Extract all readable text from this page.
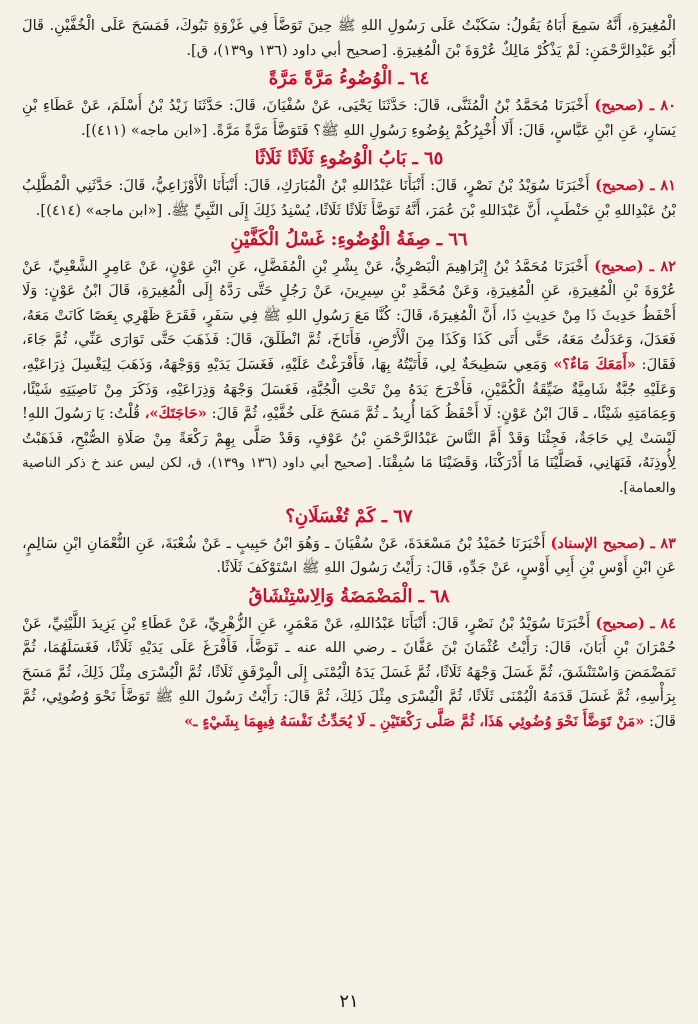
الْمُغِيرَةِ، أَنَّهُ سَمِعَ أَبَاهُ يَقُولُ: سَكَبْتُ عَلَى رَسُولِ اللهِ ﷺ حِينَ تَوَضَّأَ فِي غَزْوَةِ تَبُوكَ، فَمَسَحَ عَلَى الْخُفَّيْنِ. قَالَ أَبُو عَبْدِالرَّحْمَنِ: لَمْ يَذْكُرْ مَالِكٌ عُرْوَةَ بْنَ الْمُغِيرَةِ. [صحيح أبي داود (١٣٦ و١٣٩)، ق].

٦٤ ـ الْوُضُوءُ مَرَّةً مَرَّةً

٨٠ ـ (صحيح) أَخْبَرَنَا مُحَمَّدُ بْنُ الْمُثَنَّى، قَالَ: حَدَّثَنَا يَحْيَى، عَنْ سُفْيَانَ، قَالَ: حَدَّثَنَا زَيْدُ بْنُ أَسْلَمَ، عَنْ عَطَاءِ بْنِ يَسَارٍ، عَنِ ابْنِ عَبَّاسٍ، قَالَ: أَلَا أُخْبِرُكُمْ بِوُضُوءِ رَسُولِ اللهِ ﷺ؟ فَتَوَضَّأَ مَرَّةً مَرَّةً. [«ابن ماجه» (٤١١)].

٦٥ ـ بَابُ الْوُضُوءِ ثَلَاثًا ثَلَاثًا

٨١ ـ (صحيح) أَخْبَرَنَا سُوَيْدُ بْنُ نَصْرٍ، قَالَ: أَنْبَأَنَا عَبْدُاللهِ بْنُ الْمُبَارَكِ، قَالَ: أَنْبَأَنَا الْأَوْزَاعِيُّ، قَالَ: حَدَّثَنِي الْمُطَّلِبُ بْنُ عَبْدِاللهِ بْنِ حَنْطَبٍ، أَنَّ عَبْدَاللهِ بْنَ عُمَرَ، أَنَّهُ تَوَضَّأَ ثَلَاثًا ثَلَاثًا، يُسْنِدُ ذَلِكَ إِلَى النَّبِيِّ ﷺ. [«ابن ماجه» (٤١٤)].

٦٦ ـ صِفَةُ الْوُضُوءِ: غَسْلُ الْكَفَّيْنِ

٨٢ ـ (صحيح) أَخْبَرَنَا مُحَمَّدُ بْنُ إِبْرَاهِيمَ الْبَصْرِيُّ، عَنْ بِشْرِ بْنِ الْمُفَضَّلِ، عَنِ ابْنِ عَوْنٍ، عَنْ عَامِرٍ الشَّعْبِيِّ، عَنْ عُرْوَةَ بْنِ الْمُغِيرَةِ، عَنِ الْمُغِيرَةِ، وَعَنْ مُحَمَّدِ بْنِ سِيرِينَ، عَنْ رَجُلٍ حَتَّى رَدَّهُ إِلَى الْمُغِيرَةِ، قَالَ ابْنُ عَوْنٍ: وَلَا أَحْفَظُ حَدِيثَ ذَا مِنْ حَدِيثِ ذَا، أَنَّ الْمُغِيرَةَ، قَالَ: كُنَّا مَعَ رَسُولِ اللهِ ﷺ فِي سَفَرٍ، فَقَرَعَ ظَهْرِي بِعَصًا كَانَتْ مَعَهُ، فَعَدَلَ، وَعَدَلْتُ مَعَهُ، حَتَّى أَتَى كَذَا وَكَذَا مِنَ الْأَرْضِ، فَأَنَاخَ، ثُمَّ انْطَلَقَ، قَالَ: فَذَهَبَ حَتَّى تَوَارَى عَنِّي، ثُمَّ جَاءَ، فَقَالَ: «أَمَعَكَ مَاءٌ؟» وَمَعِي سَطِيحَةٌ لِي، فَأَتَيْتُهُ بِهَا، فَأَفْرَغْتُ عَلَيْهِ، فَغَسَلَ يَدَيْهِ وَوَجْهَهُ، وَذَهَبَ لِيَغْسِلَ ذِرَاعَيْهِ، وَعَلَيْهِ جُبَّةٌ شَامِيَّةٌ ضَيِّقَةُ الْكُمَّيْنِ، فَأَخْرَجَ يَدَهُ مِنْ تَحْتِ الْجُبَّةِ، فَغَسَلَ وَجْهَهُ وَذِرَاعَيْهِ، وَذَكَرَ مِنْ نَاصِيَتِهِ شَيْئًا، وَعِمَامَتِهِ شَيْئًا، ـ قَالَ ابْنُ عَوْنٍ: لَا أَحْفَظُ كَمَا أُرِيدُ ـ ثُمَّ مَسَحَ عَلَى خُفَّيْهِ، ثُمَّ قَالَ: «حَاجَتَكَ»، قُلْتُ: يَا رَسُولَ اللهِ! لَيْسَتْ لِي حَاجَةٌ، فَجِئْنَا وَقَدْ أَمَّ النَّاسَ عَبْدُالرَّحْمَنِ بْنُ عَوْفٍ، وَقَدْ صَلَّى بِهِمْ رَكْعَةً مِنْ صَلَاةِ الصُّبْحِ، فَذَهَبْتُ لِأُوذِنَهُ، فَنَهَانِي، فَصَلَّيْنَا مَا أَدْرَكْنَا، وَقَضَيْنَا مَا سُبِقْنَا. [صحيح أبي داود (١٣٦ و١٣٩)، ق، لكن ليس عند خ ذكر الناصية والعمامة].

٦٧ ـ كَمْ تُغْسَلَانِ؟

٨٣ ـ (صحيح الإسناد) أَخْبَرَنَا حُمَيْدُ بْنُ مَسْعَدَةَ، عَنْ سُفْيَانَ ـ وَهُوَ ابْنُ حَبِيبٍ ـ عَنْ شُعْبَةَ، عَنِ النُّعْمَانِ ابْنِ سَالِمٍ، عَنِ ابْنِ أَوْسِ بْنِ أَبِي أَوْسٍ، عَنْ جَدِّهِ، قَالَ: رَأَيْتُ رَسُولَ اللهِ ﷺ اسْتَوْكَفَ ثَلَاثًا.

٦٨ ـ الْمَضْمَضَةُ وَالِاسْتِنْشَاقُ

٨٤ ـ (صحيح) أَخْبَرَنَا سُوَيْدُ بْنُ نَصْرٍ، قَالَ: أَنْبَأَنَا عَبْدُاللهِ، عَنْ مَعْمَرٍ، عَنِ الزُّهْرِيِّ، عَنْ عَطَاءِ بْنِ يَزِيدَ اللَّيْثِيِّ، عَنْ حُمْرَانَ بْنِ أَبَانَ، قَالَ: رَأَيْتُ عُثْمَانَ بْنَ عَفَّانَ ـ رضي الله عنه ـ تَوَضَّأَ، فَأَفْرَغَ عَلَى يَدَيْهِ ثَلَاثًا، فَغَسَلَهُمَا، ثُمَّ تَمَضْمَضَ وَاسْتَنْشَقَ، ثُمَّ غَسَلَ وَجْهَهُ ثَلَاثًا، ثُمَّ غَسَلَ يَدَهُ الْيُمْنَى إِلَى الْمِرْفَقِ ثَلَاثًا، ثُمَّ الْيُسْرَى مِثْلَ ذَلِكَ، ثُمَّ مَسَحَ بِرَأْسِهِ، ثُمَّ غَسَلَ قَدَمَهُ الْيُمْنَى ثَلَاثًا، ثُمَّ الْيُسْرَى مِثْلَ ذَلِكَ، ثُمَّ قَالَ: رَأَيْتُ رَسُولَ اللهِ ﷺ تَوَضَّأَ نَحْوَ وُضُوئِي، ثُمَّ قَالَ: «مَنْ تَوَضَّأَ نَحْوَ وُضُوئِي هَذَا، ثُمَّ صَلَّى رَكْعَتَيْنِ ـ لَا يُحَدِّثُ نَفْسَهُ فِيهِمَا بِشَيْءٍ ـ»

٢١
